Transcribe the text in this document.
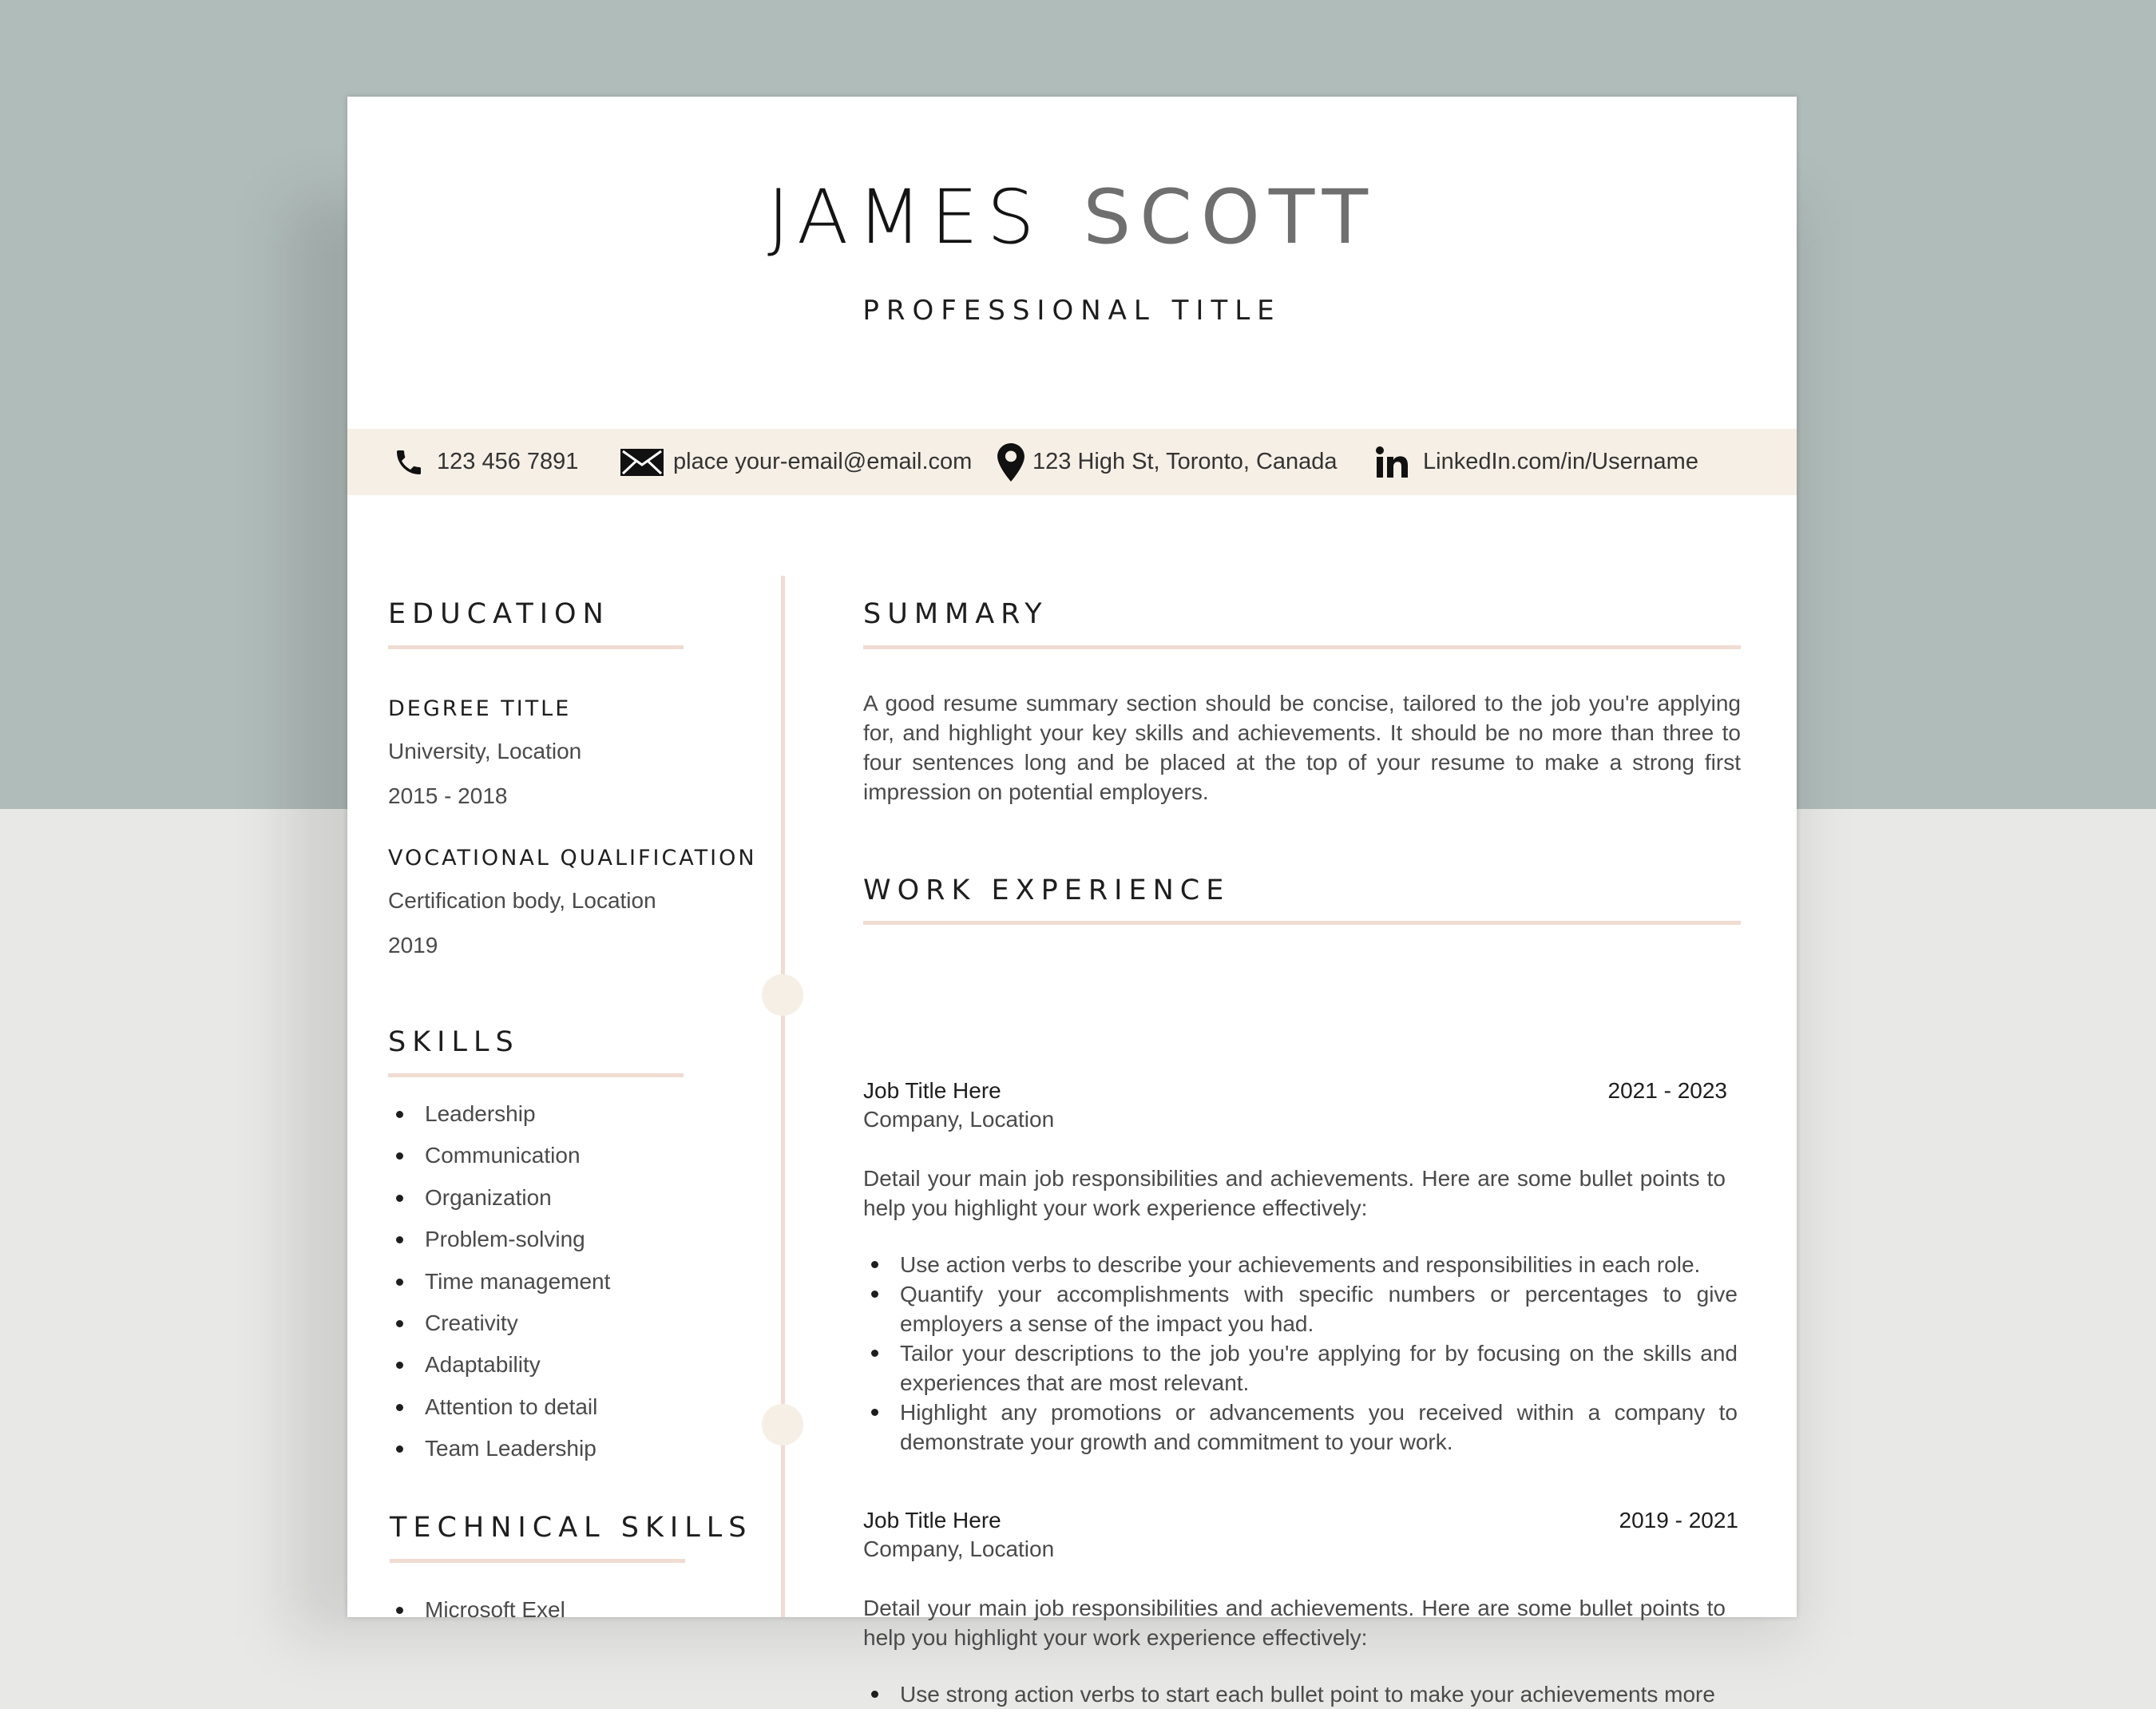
JAMES SCOTT
PROFESSIONAL TITLE
123 456 7891	place your-email@email.com	123 High St, Toronto, Canada	LinkedIn.com/in/Username
EDUCATION
DEGREE TITLE
University, Location
2015 - 2018
VOCATIONAL QUALIFICATION
Certification body, Location
2019
SKILLS
Leadership
Communication
Organization
Problem-solving
Time management
Creativity
Adaptability
Attention to detail
Team Leadership
TECHNICAL SKILLS
Microsoft Exel
SUMMARY
A good resume summary section should be concise, tailored to the job you're applying for, and highlight your key skills and achievements. It should be no more than three to four sentences long and be placed at the top of your resume to make a strong first impression on potential employers.
WORK EXPERIENCE
Job Title Here	2021 - 2023
Company, Location
Detail your main job responsibilities and achievements. Here are some bullet points to help you highlight your work experience effectively:
Use action verbs to describe your achievements and responsibilities in each role.
Quantify your accomplishments with specific numbers or percentages to give employers a sense of the impact you had.
Tailor your descriptions to the job you're applying for by focusing on the skills and experiences that are most relevant.
Highlight any promotions or advancements you received within a company to demonstrate your growth and commitment to your work.
Job Title Here	2019 - 2021
Company, Location
Detail your main job responsibilities and achievements. Here are some bullet points to help you highlight your work experience effectively:
Use strong action verbs to start each bullet point to make your achievements more
